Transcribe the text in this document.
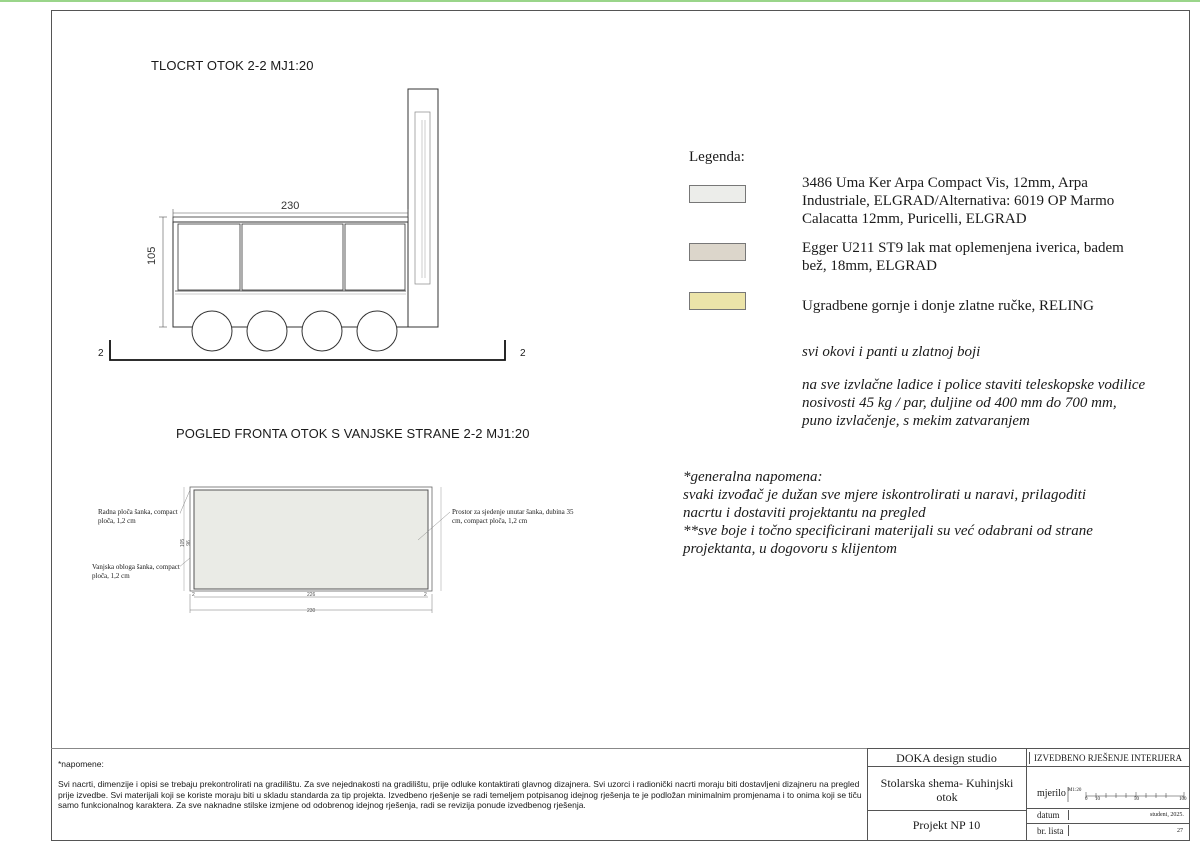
TLOCRT OTOK 2-2 MJ1:20
230
105
2	2
POGLED FRONTA OTOK S VANJSKE STRANE 2-2 MJ1:20
226
230
2	2
105 96
Radna ploča šanka, compact ploča, 1,2 cm
Vanjska obloga šanka, compact ploča, 1,2 cm
Prostor za sjedenje unutar šanka, dubina 35 cm, compact ploča, 1,2 cm
Legenda:
3486 Uma Ker Arpa Compact Vis, 12mm, Arpa Industriale, ELGRAD/Alternativa: 6019 OP Marmo Calacatta 12mm, Puricelli, ELGRAD
Egger U211 ST9 lak mat oplemenjena iverica, badem bež, 18mm, ELGRAD
Ugradbene gornje i donje zlatne ručke, RELING
svi okovi i panti u zlatnoj boji
na sve izvlačne ladice i police staviti teleskopske vodilice nosivosti 45 kg / par, duljine od 400 mm do 700 mm, puno izvlačenje, s mekim zatvaranjem
*generalna napomena:
svaki izvođač je dužan sve mjere iskontrolirati u naravi, prilagoditi nacrtu i dostaviti projektantu na pregled
**sve boje i točno specificirani materijali su već odabrani od strane projektanta, u dogovoru s klijentom
*napomene:
Svi nacrti, dimenzije i opisi se trebaju prekontrolirati na gradilištu. Za sve nejednakosti na gradilištu, prije odluke kontaktirati glavnog dizajnera. Svi uzorci i radionički nacrti moraju biti dostavljeni dizajneru na pregled prije izvedbe. Svi materijali koji se koriste moraju biti u skladu standarda za tip projekta. Izvedbeno rješenje se radi temeljem potpisanog idejnog rješenja te je podložan minimalnim promjenama i to onima koji se tiču samo funkcionalnog karaktera. Za sve naknadne stilske izmjene od odobrenog idejnog rješenja, radi se revizija ponude izvedbenog rješenja.
DOKA design studio	IZVEDBENO RJEŠENJE INTERIJERA
Stolarska shema- Kuhinjski otok
Projekt NP 10
mjerilo M1:20
0 10	50	100
datum	studeni, 2025.
br. lista	27
